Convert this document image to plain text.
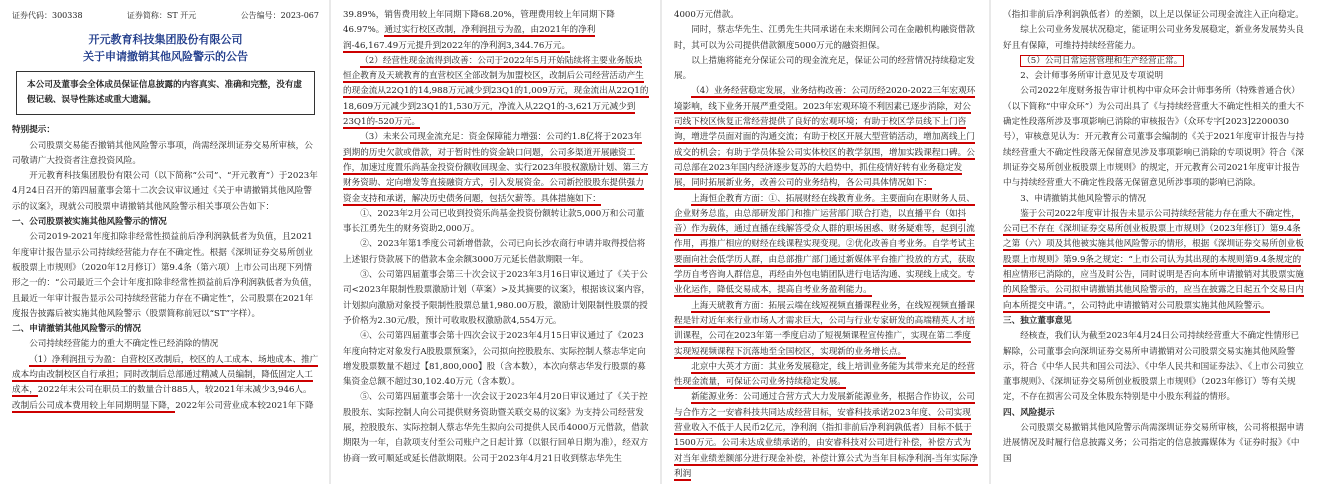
证券代码：300338	证券简称：ST 开元	公告编号：2023-067
开元教育科技集团股份有限公司
关于申请撤销其他风险警示的公告
本公司及董事会全体成员保证信息披露的内容真实、准确和完整，没有虚假记载、误导性陈述或重大遗漏。
特别提示：

公司股票交易能否撤销其他风险警示事项，尚需经深圳证券交易所审核，公司敬请广大投资者注意投资风险。

开元教育科技集团股份有限公司（以下简称“公司”、“开元教育”）于2023年4月24日召开的第四届董事会第十二次会议审议通过《关于申请撤销其他风险警示的议案》，现就公司股票申请撤销其他风险警示相关事项公告如下：

一、公司股票被实施其他风险警示的情况

公司2019-2021年度扣除非经常性损益前后净利润孰低者为负值，且2021年度审计报告显示公司持续经营能力存在不确定性。根据《深圳证券交易所创业板股票上市规则》（2020年12月修订）第9.4条（第六项）上市公司出现下列情形之一的：“公司最近三个会计年度扣除非经常性损益前后净利润孰低者为负值，且最近一年审计报告显示公司持续经营能力存在不确定性”，公司股票在2021年度报告披露后被实施其他风险警示（股票简称前冠以“ST”字样）。

二、申请撤销其他风险警示的情况

公司持续经营能力的重大不确定性已经消除的情况

（1）净利润扭亏为盈：自营校区改制后，校区的人工成本、场地成本、推广成本均由改制校区自行承担；同时改制后总部通过精减人员编制，降低固定人工成本，2022年末公司在职员工的数量合计885人，较2021年末减少3,946人。改制后公司成本费用较上年同期明显下降，2022年公司营业成本较2021年下降

39.89%，销售费用较上年同期下降68.20%，管理费用较上年同期下降46.97%。通过实行校区改制，净利润扭亏为盈，由2021年的净利润-46,167.49万元提升到2022年的净利润3,344.76万元。

（2）经营性现金流得到改善：公司于2022年5月开始陆续将主要业务版块恒企教育及天琥教育的直营校区全部改制为加盟校区，改制后公司经营活动产生的现金流从22Q1的14,988万元减少到23Q1的1,009万元，现金流出从22Q1的18,609万元减少到23Q1的1,530万元，净流入从22Q1的-3,621万元减少到23Q1的-520万元。

（3）未来公司现金流充足：资金保障能力增强：公司约1.8亿将于2023年到期的历史欠款或借款，对于暂时性的资金缺口问题，公司多渠道开展融资工作，加速过度置乐尚基金投资份额收回现金、实行2023年股权激励计划、第三方财务资助、定向增发等直接融资方式，引入发展资金。公司新控股股东提供强力资金支持和承诺，解决历史债务问题，包括欠薪等。具体措施如下：

①、2023年2月公司已收到投资乐尚基金投资份额转让款5,000万和公司董事长江勇先生的财务资助2,000万。

②、2023年第1季度公司新增借款，公司已向长沙农商行申请并取得授信将上述银行贷款展下的借款本金余额3000万元延长借款期限一年。

③、公司第四届董事会第三十次会议于2023年3月16日审议通过了《关于公司<2023年限制性股票激励计划（草案）>及其摘要的议案》，根据该议案内容，计划拟向激励对象授予限制性股票总量1,980.00万股，激励计划限制性股票的授予价格为2.30元/股，预计可收取股权激励款4,554万元。

④、公司第四届董事会第十四次会议于2023年4月15日审议通过了《2023年度向特定对象发行A股股票预案》，公司拟向控股股东、实际控制人蔡志华定向增发股票数量不超过【81,800,000】股（含本数），本次向蔡志华发行股票的募集资金总额不超过30,102.40万元（含本数）。

⑤、公司第四届董事会第十一次会议于2023年4月20日审议通过了《关于控股股东、实际控制人向公司提供财务资助暨关联交易的议案》为支持公司经营发展，控股股东、实际控制人蔡志华先生拟向公司提供人民币4000万元借款，借款期限为一年，自款项支付至公司账户之日起计算（以银行回单日期为准），经双方协商一致可顺延或延长借款期限。公司于2023年4月21日收到蔡志华先生

4000万元借款。

同时，蔡志华先生、江勇先生共同承诺在未来期间公司在金融机构融资借款时，其可以为公司提供借款额度5000万元的融资担保。

以上措施将能充分保证公司的现金流充足，保证公司的经营情况持续稳定发展。

（4）业务经营稳定发展，业务结构改善：公司历经2020-2022三年宏观环境影响，线下业务开展严重受阻。2023年宏观环境不利因素已逐步消除，对公司线下校区恢复正常经营提供了良好的宏观环境；有助于校区学员线下上门咨询，增进学员面对面的沟通交流；有助于校区开展大型营销活动，增加离线上门成交的机会；有助于学员体验公司实体校区的教学氛围，增加实践课程口碑。公司总部在2023年国内经济逐步复苏的大趋势中，抓住疫情好转有业务稳定发展，同时拓展新业务，改善公司的业务结构，各公司具体情况如下：

上海恒企教育方面：①、拓展财经在线教育业务。主要面向在职财务人员、企业财务总监，由总部研发部门和推广运营部门联合打造，以直播平台（如抖音）作为载体，通过直播在线解答受众人群的职场困惑、财务疑难等，起到引流作用，再推广相应的财经在线课程实现变现。②优化改善自考业务。自学考试主要面向社会低学历人群，由总部推广部门通过新媒体平台推广投放的方式，获取学历自考咨询人群信息，再经由外包电销团队进行电话沟通、实现线上成交。专业化运作，降低交易成本，提高自考业务盈利能力。

上海天琥教育方面：拓展云端在线短视频直播课程业务，在线短视频直播课程是针对近年来行业市场人才需求巨大，公司与行业专家研发的高端精英人才培训课程，公司在2023年第一季度启动了短视频课程宣传推广，实现在第二季度实现短视频课程下沉落地至全国校区，实现新的业务增长点。

北京中大英才方面：其业务发展稳定，线上培训业务能为其带来充足的经营性现金流量，可保证公司业务持续稳定发展。

新能源业务：公司通过合营方式大力发展新能源业务，根据合作协议，公司与合作方之一安睿科技共同达成经营目标，安睿科技承诺2023年度、公司实现营业收入不低于人民币2亿元，净利润（指扣非前后净利润孰低者）目标不低于1500万元。公司未达成业绩承诺的，由安睿科技对公司进行补偿，补偿方式为对当年业绩差额部分进行现金补偿，补偿计算公式为当年目标净利润-当年实际净利润

（指扣非前后净利润孰低者）的差额，以上足以保证公司现金流注入正向稳定。

综上公司业务发展状况稳定，能证明公司业务发展稳定，新业务发展势头良好且有保障，可维持持续经营能力。

（5）公司日常运营管理和生产经营正常。

2、会计师事务所审计意见及专项说明

公司2022年度财务报告审计机构中审众环会计师事务所（特殊普通合伙）（以下简称“中审众环”）为公司出具了《与持续经营重大不确定性相关的重大不确定性段落所涉及事项影响已消除的审核报告》（众环专字[2023]2200030号），审核意见认为：开元教育公司董事会编制的《关于2021年度审计报告与持续经营重大不确定性段落无保留意见涉及事项影响已消除的专项说明》符合《深圳证券交易所创业板股票上市规则》的规定，开元教育公司2021年度审计报告中与持续经营重大不确定性段落无保留意见所涉事项的影响已消除。

3、申请撤销其他风险警示的情况

鉴于公司2022年度审计报告未显示公司持续经营能力存在重大不确定性，公司已不存在《深圳证券交易所创业板股票上市规则》（2023年修订）第9.4条之第（六）项及其他被实施其他风险警示的情形，根据《深圳证券交易所创业板股票上市规则》第9.9条之规定：“上市公司认为其出现的本规则第9.4条规定的相应情形已消除的，应当及时公告，同时说明是否向本所申请撤销对其股票实施的风险警示。公司拟申请撤销其他风险警示的，应当在披露之日起五个交易日内向本所提交申请。”，公司特此申请撤销对公司股票实施其他风险警示。

三、独立董事意见

经核查，我们认为截至2023年4月24日公司持续经营重大不确定性情形已解除，公司董事会向深圳证券交易所申请撤销对公司股票交易实施其他风险警示，符合《中华人民共和国公司法》、《中华人民共和国证券法》、《上市公司独立董事规则》、《深圳证券交易所创业板股票上市规则》（2023年修订）等有关规定，不存在损害公司及全体股东特别是中小股东利益的情形。

四、风险提示

公司股票交易撤销其他风险警示尚需深圳证券交易所审核，公司将根据申请进展情况及时履行信息披露义务；公司指定的信息披露媒体为《证券时报》《中国
